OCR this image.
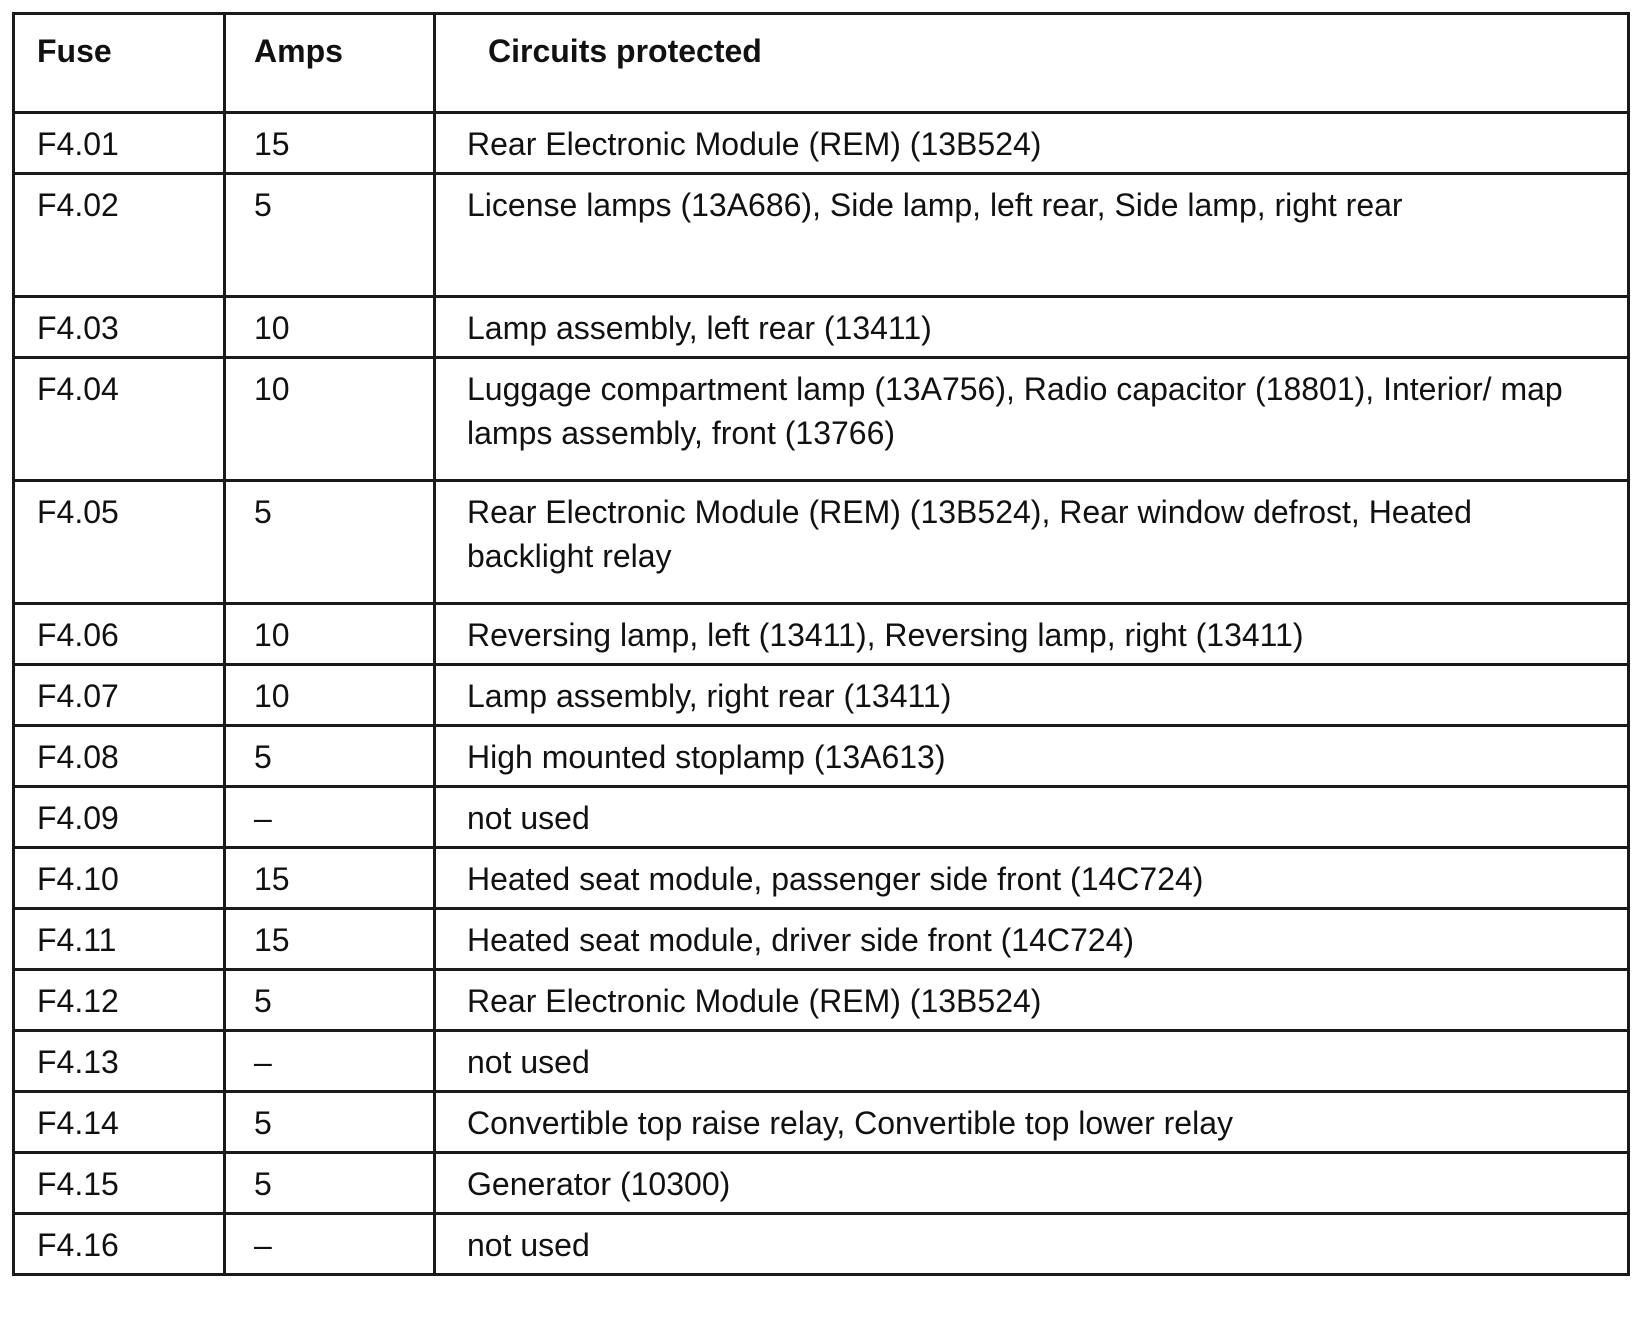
Fuse	Amps	Circuits protected
F4.01	15	Rear Electronic Module (REM) (13B524)
F4.02	5	License lamps (13A686), Side lamp, left rear, Side lamp, right rear
F4.03	10	Lamp assembly, left rear (13411)
F4.04	10	Luggage compartment lamp (13A756), Radio capacitor (18801), Interior/ map lamps assembly, front (13766)
F4.05	5	Rear Electronic Module (REM) (13B524), Rear window defrost, Heated backlight relay
F4.06	10	Reversing lamp, left (13411), Reversing lamp, right (13411)
F4.07	10	Lamp assembly, right rear (13411)
F4.08	5	High mounted stoplamp (13A613)
F4.09	–	not used
F4.10	15	Heated seat module, passenger side front (14C724)
F4.11	15	Heated seat module, driver side front (14C724)
F4.12	5	Rear Electronic Module (REM) (13B524)
F4.13	–	not used
F4.14	5	Convertible top raise relay, Convertible top lower relay
F4.15	5	Generator (10300)
F4.16	–	not used
